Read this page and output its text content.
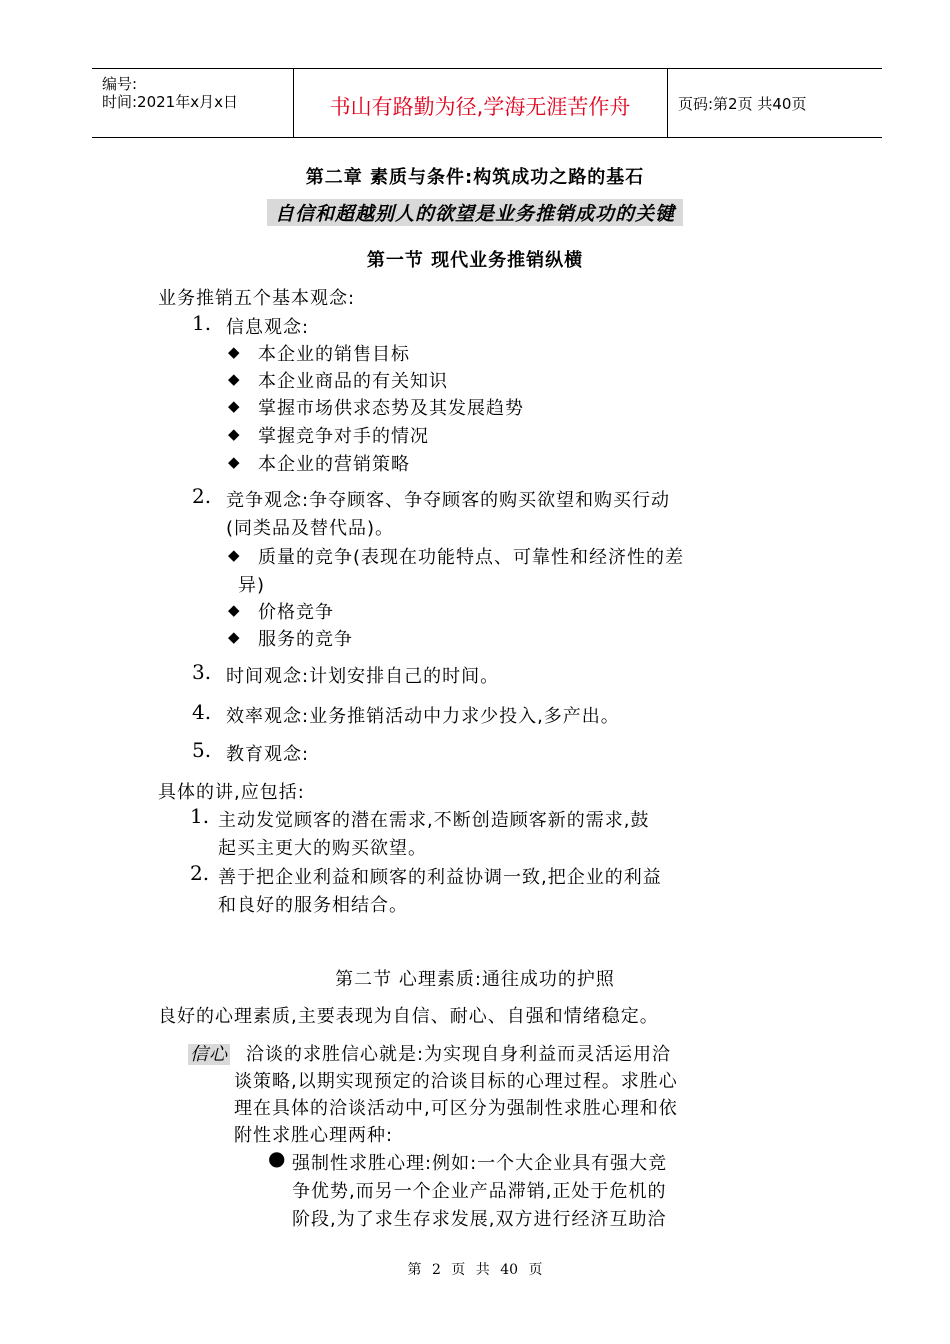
编号:
时间:2021年x月x日	书山有路勤为径,学海无涯苦作舟	页码:第2页 共40页
第二章 素质与条件:构筑成功之路的基石
自信和超越别人的欲望是业务推销成功的关键
第一节 现代业务推销纵横
业务推销五个基本观念:
1. 信息观念:
◆ 本企业的销售目标
◆ 本企业商品的有关知识
◆ 掌握市场供求态势及其发展趋势
◆ 掌握竞争对手的情况
◆ 本企业的营销策略
2. 竞争观念:争夺顾客、争夺顾客的购买欲望和购买行动
(同类品及替代品)。
◆ 质量的竞争(表现在功能特点、可靠性和经济性的差
异)
◆ 价格竞争
◆ 服务的竞争
3. 时间观念:计划安排自己的时间。
4. 效率观念:业务推销活动中力求少投入,多产出。
5. 教育观念:
具体的讲,应包括:
1. 主动发觉顾客的潜在需求,不断创造顾客新的需求,鼓
起买主更大的购买欲望。
2. 善于把企业利益和顾客的利益协调一致,把企业的利益
和良好的服务相结合。
第二节 心理素质:通往成功的护照
良好的心理素质,主要表现为自信、耐心、自强和情绪稳定。
信心 洽谈的求胜信心就是:为实现自身利益而灵活运用洽
谈策略,以期实现预定的洽谈目标的心理过程。求胜心
理在具体的洽谈活动中,可区分为强制性求胜心理和依
附性求胜心理两种:
● 强制性求胜心理:例如:一个大企业具有强大竞
争优势,而另一个企业产品滞销,正处于危机的
阶段,为了求生存求发展,双方进行经济互助洽
第 2 页 共 40 页
